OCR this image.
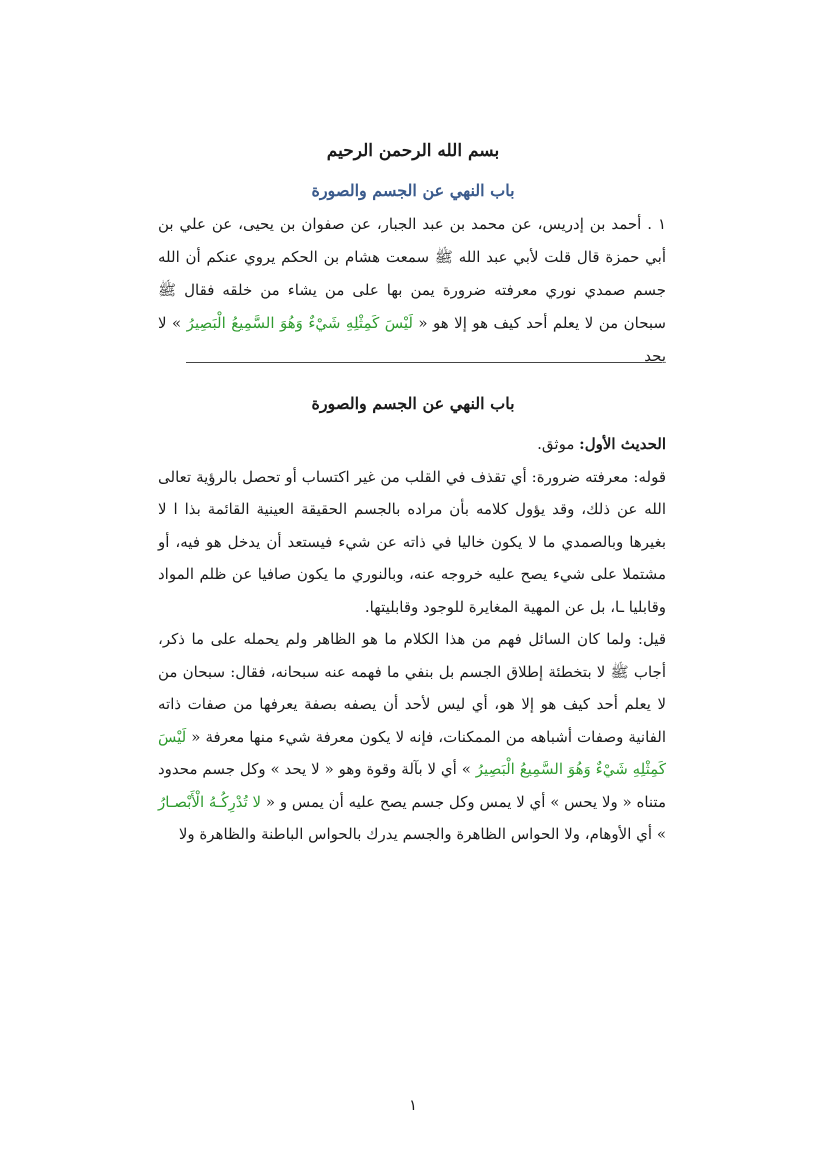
بسم الله الرحمن الرحيم
باب النهي عن الجسم والصورة
١ . أحمد بن إدريس، عن محمد بن عبد الجبار، عن صفوان بن يحيى، عن علي بن أبي حمزة قال قلت لأبي عبد الله ﷺ سمعت هشام بن الحكم يروي عنكم أن الله جسم صمدي نوري معرفته ضرورة يمن بها على من يشاء من خلقه فقال ﷺ سبحان من لا يعلم أحد كيف هو إلا هو « لَيْسَ كَمِثْلِهِ شَيْءٌ وَهُوَ السَّمِيعُ الْبَصِيرُ » لا يحد
باب النهي عن الجسم والصورة

الحديث الأول: موثق.

قوله: معرفته ضرورة: أي تقذف في القلب من غير اكتساب أو تحصل بالرؤية تعالى الله عن ذلك، وقد يؤول كلامه بأن مراده بالجسم الحقيقة العينية القائمة بذا ا لا بغيرها وبالصمدي ما لا يكون خاليا في ذاته عن شيء فيستعد أن يدخل هو فيه، أو مشتملا على شيء يصح عليه خروجه عنه، وبالنوري ما يكون صافيا عن ظلم المواد وقابليا ـا، بل عن المهية المغايرة للوجود وقابليتها.

قيل: ولما كان السائل فهم من هذا الكلام ما هو الظاهر ولم يحمله على ما ذكر، أجاب ﷺ لا بتخطئة إطلاق الجسم بل بنفي ما فهمه عنه سبحانه، فقال: سبحان من لا يعلم أحد كيف هو إلا هو، أي ليس لأحد أن يصفه بصفة يعرفها من صفات ذاته الفانية وصفات أشباهه من الممكنات، فإنه لا يكون معرفة شيء منها معرفة « لَيْسَ كَمِثْلِهِ شَيْءٌ وَهُوَ السَّمِيعُ الْبَصِيرُ » أي لا بآلة وقوة وهو « لا يحد » وكل جسم محدود متناه « ولا يحس » أي لا يمس وكل جسم يصح عليه أن يمس و « لا تُدْرِكُـهُ الْأَبْصـارُ » أي الأوهام، ولا الحواس الظاهرة والجسم يدرك بالحواس الباطنة والظاهرة ولا

١
